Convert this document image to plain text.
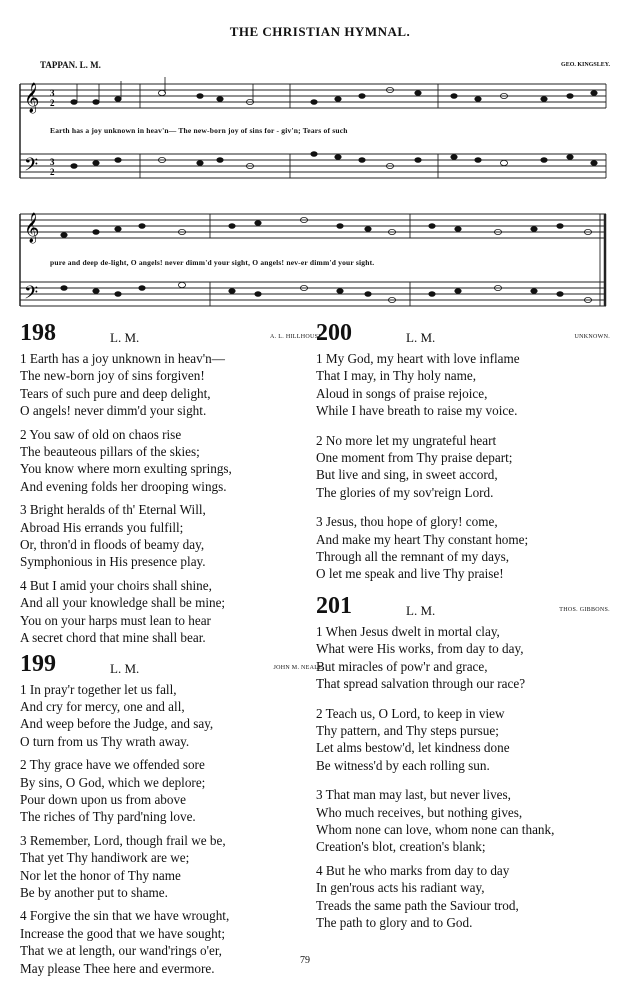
THE CHRISTIAN HYMNAL.
TAPPAN. L. M.	GEO. KINGSLEY.
𝄞
𝄢
3
2
3
2
Earth has a joy unknown in heav'n— The new-born joy of sins for - giv'n; Tears of such
𝄞
𝄢
pure and deep de-light, O angels! never dimm'd your sight, O angels! nev-er dimm'd your sight.
198	L. M.	A. L. HILLHOUSE.
1 Earth has a joy unknown in heav'n—
The new-born joy of sins forgiven!
Tears of such pure and deep delight,
O angels! never dimm'd your sight.
2 You saw of old on chaos rise
The beauteous pillars of the skies;
You know where morn exulting springs,
And evening folds her drooping wings.
3 Bright heralds of th' Eternal Will,
Abroad His errands you fulfill;
Or, thron'd in floods of beamy day,
Symphonious in His presence play.
4 But I amid your choirs shall shine,
And all your knowledge shall be mine;
You on your harps must lean to hear
A secret chord that mine shall bear.
199	L. M.	JOHN M. NEALE.
1 In pray'r together let us fall,
And cry for mercy, one and all,
And weep before the Judge, and say,
O turn from us Thy wrath away.
2 Thy grace have we offended sore
By sins, O God, which we deplore;
Pour down upon us from above
The riches of Thy pard'ning love.
3 Remember, Lord, though frail we be,
That yet Thy handiwork are we;
Nor let the honor of Thy name
Be by another put to shame.
4 Forgive the sin that we have wrought,
Increase the good that we have sought;
That we at length, our wand'rings o'er,
May please Thee here and evermore.
200	L. M.	UNKNOWN.
1 My God, my heart with love inflame
That I may, in Thy holy name,
Aloud in songs of praise rejoice,
While I have breath to raise my voice.
2 No more let my ungrateful heart
One moment from Thy praise depart;
But live and sing, in sweet accord,
The glories of my sov'reign Lord.
3 Jesus, thou hope of glory! come,
And make my heart Thy constant home;
Through all the remnant of my days,
O let me speak and live Thy praise!
201	L. M.	THOS. GIBBONS.
1 When Jesus dwelt in mortal clay,
What were His works, from day to day,
But miracles of pow'r and grace,
That spread salvation through our race?
2 Teach us, O Lord, to keep in view
Thy pattern, and Thy steps pursue;
Let alms bestow'd, let kindness done
Be witness'd by each rolling sun.
3 That man may last, but never lives,
Who much receives, but nothing gives,
Whom none can love, whom none can thank,
Creation's blot, creation's blank;
4 But he who marks from day to day
In gen'rous acts his radiant way,
Treads the same path the Saviour trod,
The path to glory and to God.
79
